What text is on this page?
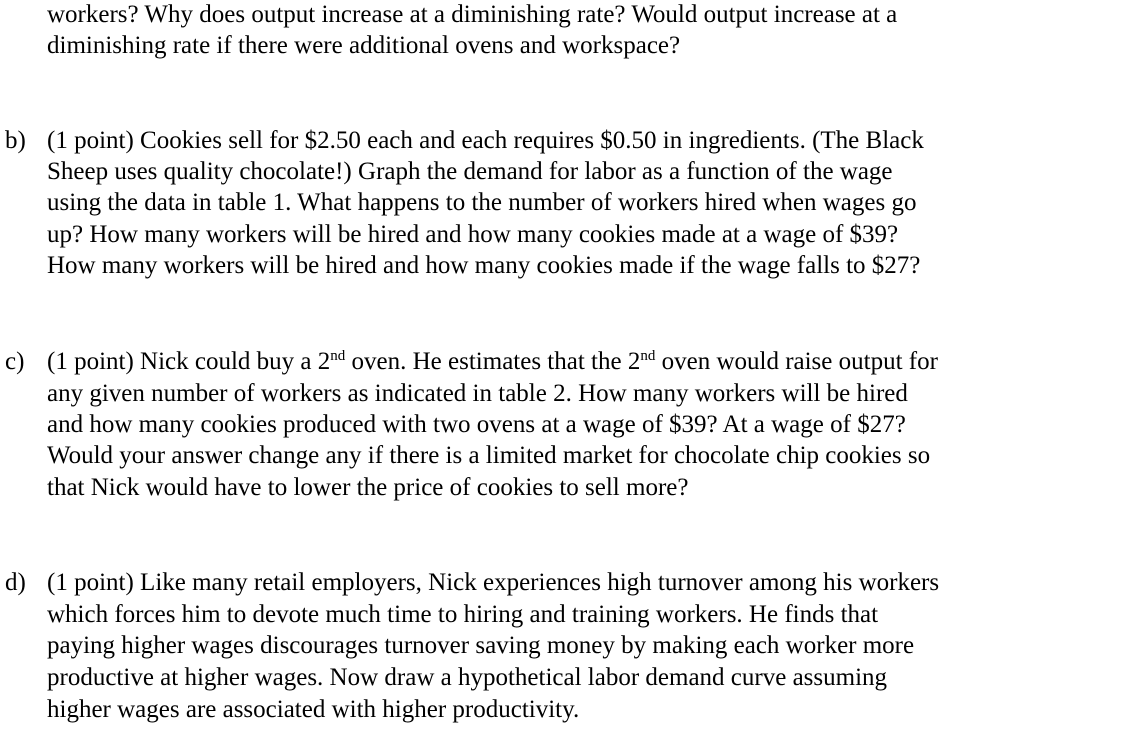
workers? Why does output increase at a diminishing rate? Would output increase at a
diminishing rate if there were additional ovens and workspace?
b) (1 point) Cookies sell for $2.50 each and each requires $0.50 in ingredients. (The Black
Sheep uses quality chocolate!) Graph the demand for labor as a function of the wage
using the data in table 1. What happens to the number of workers hired when wages go
up? How many workers will be hired and how many cookies made at a wage of $39?
How many workers will be hired and how many cookies made if the wage falls to $27?
c) (1 point) Nick could buy a 2nd oven. He estimates that the 2nd oven would raise output for
any given number of workers as indicated in table 2. How many workers will be hired
and how many cookies produced with two ovens at a wage of $39? At a wage of $27?
Would your answer change any if there is a limited market for chocolate chip cookies so
that Nick would have to lower the price of cookies to sell more?
d) (1 point) Like many retail employers, Nick experiences high turnover among his workers
which forces him to devote much time to hiring and training workers. He finds that
paying higher wages discourages turnover saving money by making each worker more
productive at higher wages. Now draw a hypothetical labor demand curve assuming
higher wages are associated with higher productivity.
